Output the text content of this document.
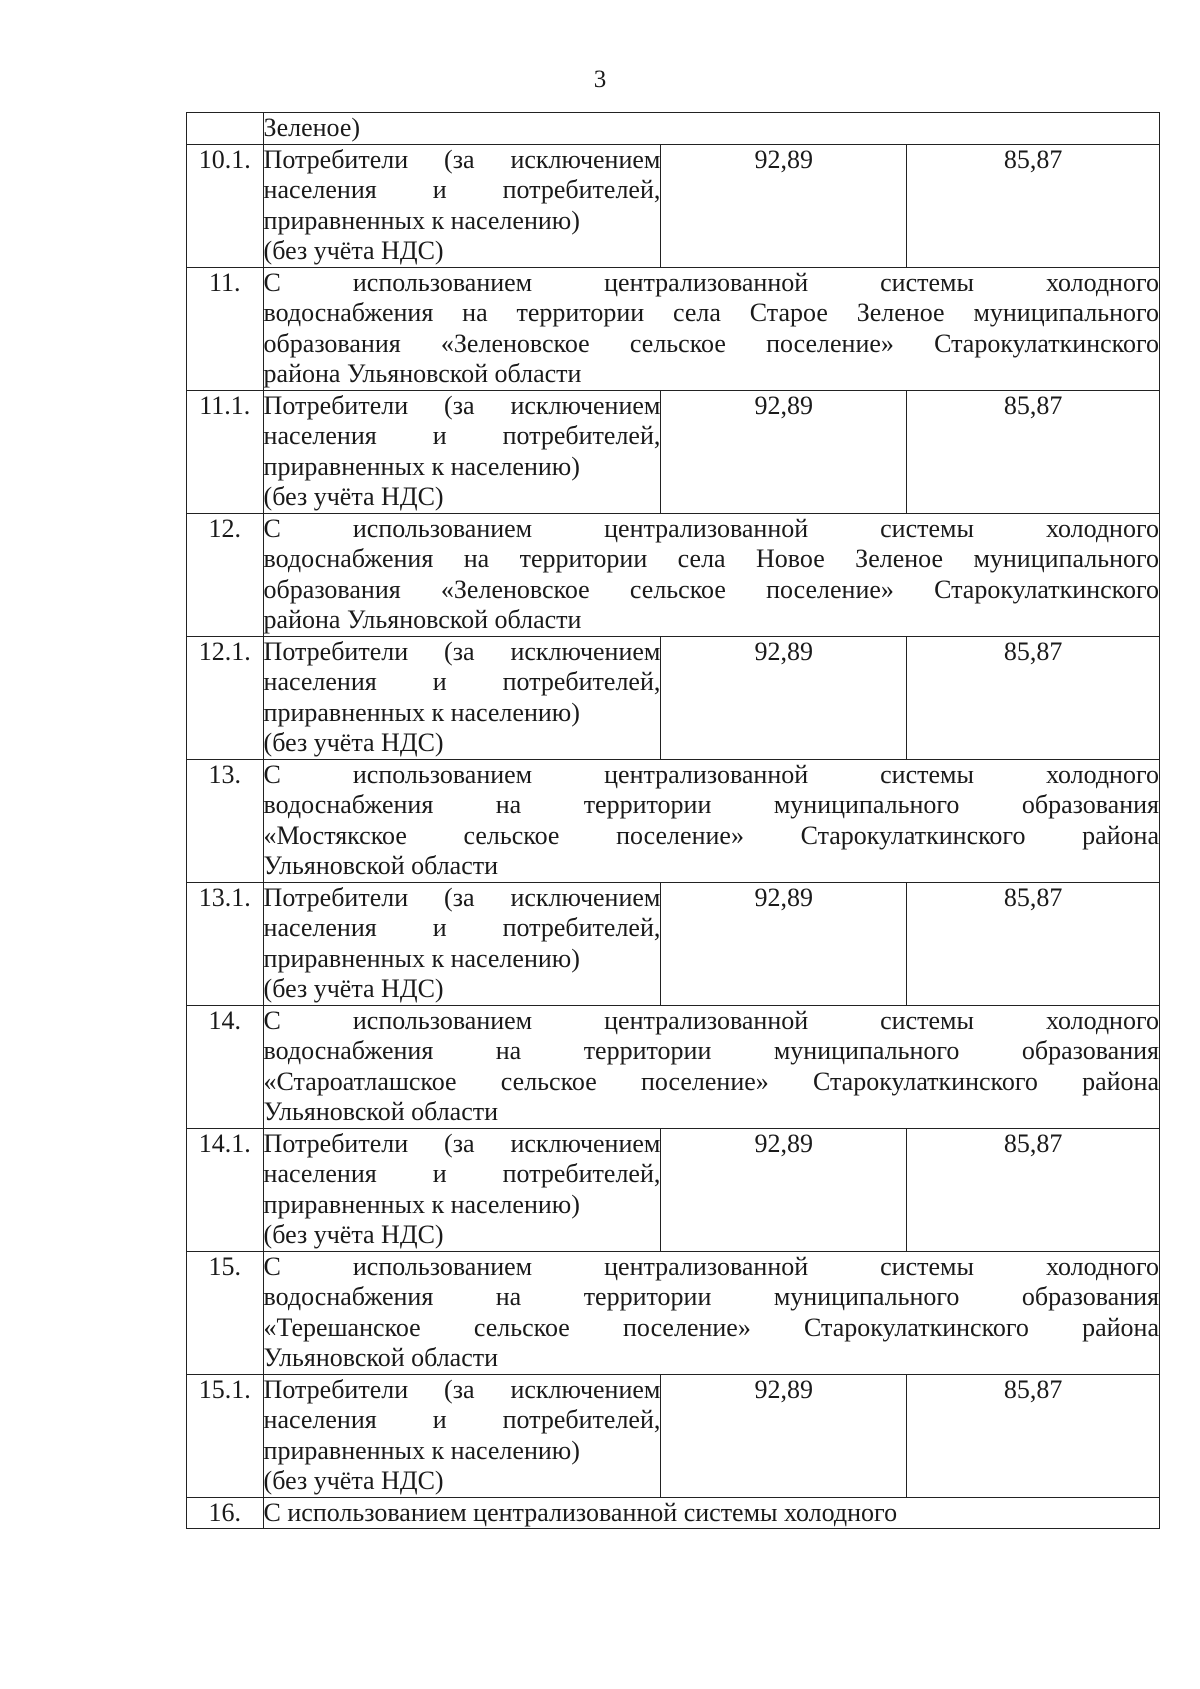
3

	Зеленое)		

10.1.	Потребители (за исключением
населения и потребителей,
приравненных к населению)
(без учёта НДС)	92,89	85,87
11.	С использованием централизованной системы холодного
водоснабжения на территории села Старое Зеленое муниципального
образования «Зеленовское сельское поселение» Старокулаткинского
района Ульяновской области		

11.1.	Потребители (за исключением
населения и потребителей,
приравненных к населению)
(без учёта НДС)	92,89	85,87
12.	С использованием централизованной системы холодного
водоснабжения на территории села Новое Зеленое муниципального
образования «Зеленовское сельское поселение» Старокулаткинского
района Ульяновской области		

12.1.	Потребители (за исключением
населения и потребителей,
приравненных к населению)
(без учёта НДС)	92,89	85,87
13.	С использованием централизованной системы холодного
водоснабжения на территории муниципального образования
«Мостякское сельское поселение» Старокулаткинского района
Ульяновской области		

13.1.	Потребители (за исключением
населения и потребителей,
приравненных к населению)
(без учёта НДС)	92,89	85,87
14.	С использованием централизованной системы холодного
водоснабжения на территории муниципального образования
«Староатлашское сельское поселение» Старокулаткинского района
Ульяновской области		

14.1.	Потребители (за исключением
населения и потребителей,
приравненных к населению)
(без учёта НДС)	92,89	85,87
15.	С использованием централизованной системы холодного
водоснабжения на территории муниципального образования
«Терешанское сельское поселение» Старокулаткинского района
Ульяновской области		

15.1.	Потребители (за исключением
населения и потребителей,
приравненных к населению)
(без учёта НДС)	92,89	85,87
16.	С использованием централизованной системы холодного		
